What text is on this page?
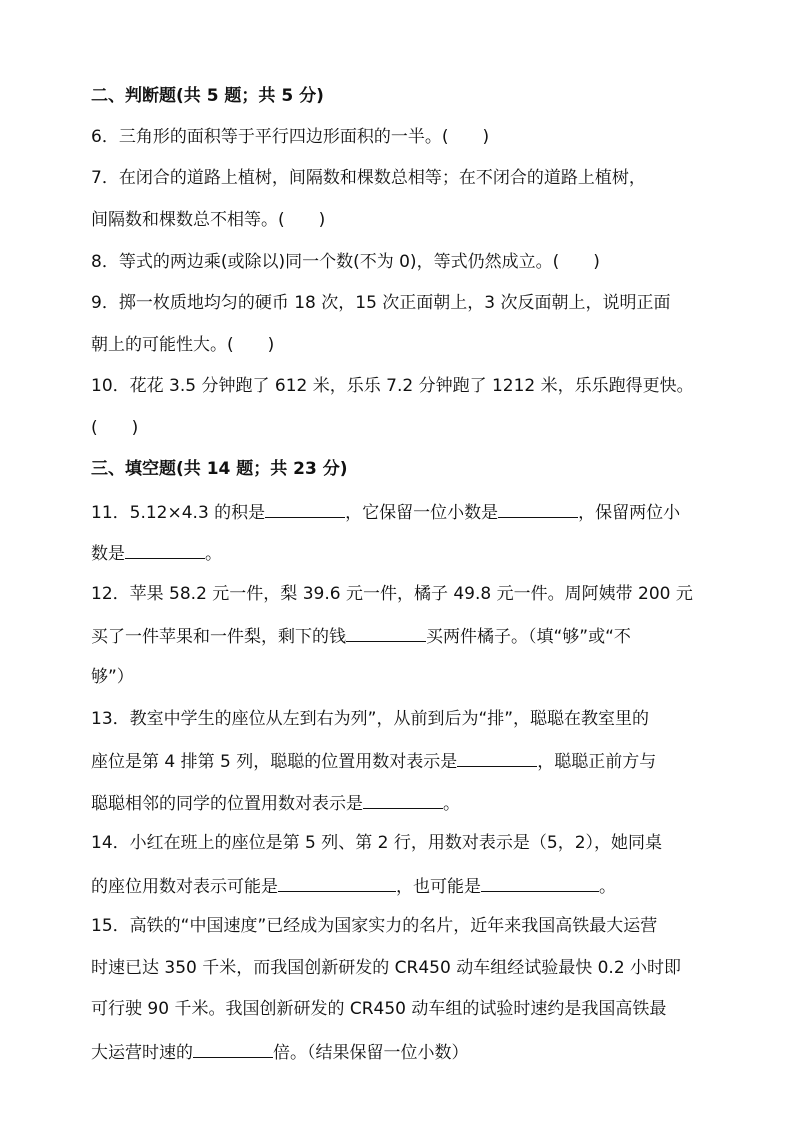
二、判断题(共 5 题；共 5 分)
6．三角形的面积等于平行四边形面积的一半。(　　)
7．在闭合的道路上植树，间隔数和棵数总相等；在不闭合的道路上植树，
间隔数和棵数总不相等。(　　)
8．等式的两边乘(或除以)同一个数(不为 0)，等式仍然成立。(　　)
9．掷一枚质地均匀的硬币 18 次，15 次正面朝上，3 次反面朝上，说明正面
朝上的可能性大。(　　)
10．花花 3.5 分钟跑了 612 米，乐乐 7.2 分钟跑了 1212 米，乐乐跑得更快。
(　　)
三、填空题(共 14 题；共 23 分)
11．5.12×4.3 的积是	，它保留一位小数是	，保留两位小
数是	。
12．苹果 58.2 元一件，梨 39.6 元一件，橘子 49.8 元一件。周阿姨带 200 元
买了一件苹果和一件梨，剩下的钱	买两件橘子。（填“够”或“不
够”）
13．教室中学生的座位从左到右为列”，从前到后为“排”，聪聪在教室里的
座位是第 4 排第 5 列，聪聪的位置用数对表示是	，聪聪正前方与
聪聪相邻的同学的位置用数对表示是	。
14．小红在班上的座位是第 5 列、第 2 行，用数对表示是（5，2），她同桌
的座位用数对表示可能是	，也可能是	。
15．高铁的“中国速度”已经成为国家实力的名片，近年来我国高铁最大运营
时速已达 350 千米，而我国创新研发的 CR450 动车组经试验最快 0.2 小时即
可行驶 90 千米。我国创新研发的 CR450 动车组的试验时速约是我国高铁最
大运营时速的	倍。（结果保留一位小数）
